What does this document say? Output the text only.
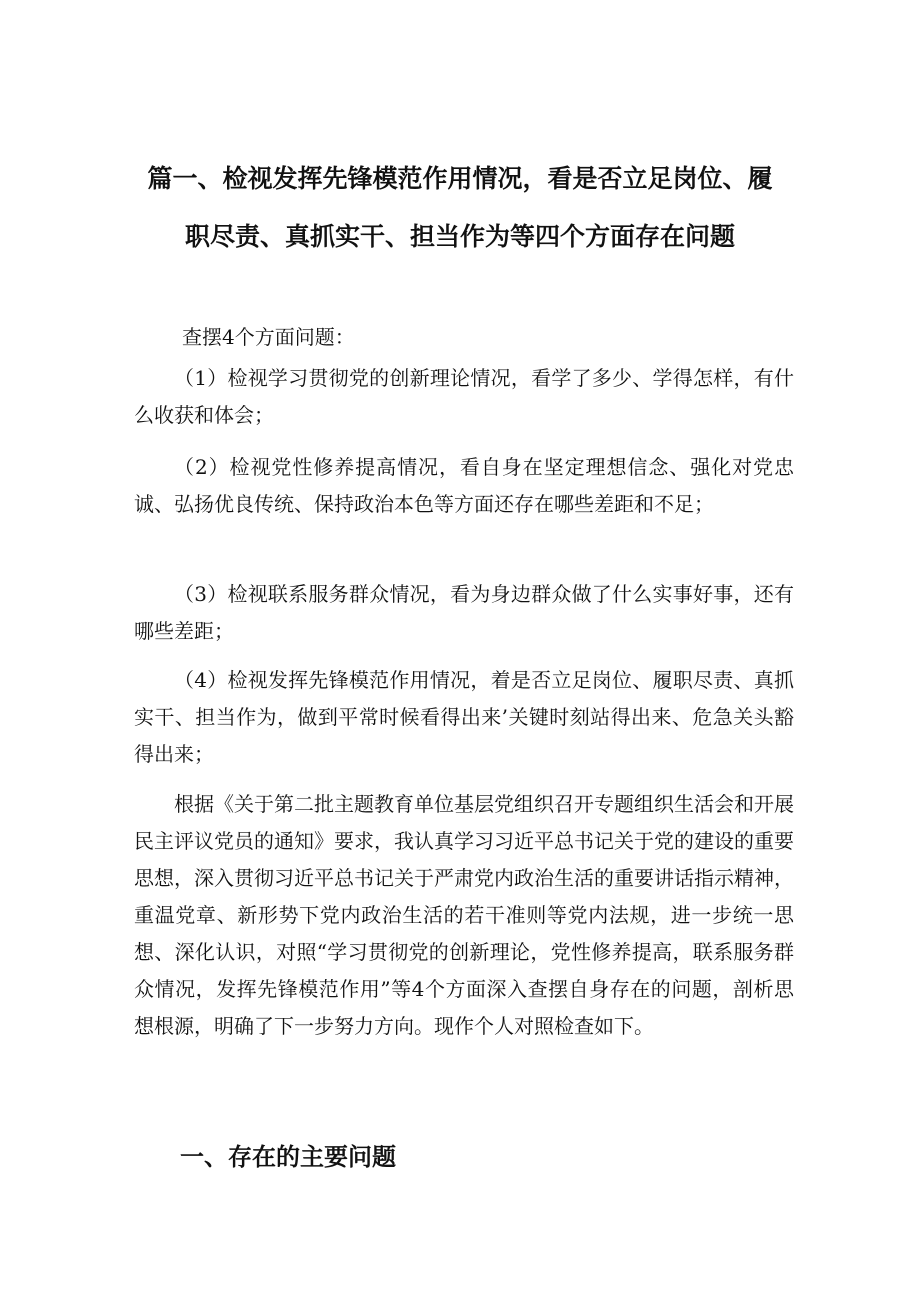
篇一、检视发挥先锋模范作用情况，看是否立足岗位、履
职尽责、真抓实干、担当作为等四个方面存在问题

查摆4个方面问题：

（1）检视学习贯彻党的创新理论情况，看学了多少、学得怎样，有什么收获和体会；

（2）检视党性修养提高情况，看自身在坚定理想信念、强化对党忠诚、弘扬优良传统、保持政治本色等方面还存在哪些差距和不足；

（3）检视联系服务群众情况，看为身边群众做了什么实事好事，还有哪些差距；

（4）检视发挥先锋模范作用情况，着是否立足岗位、履职尽责、真抓实干、担当作为，做到平常时候看得出来’关键时刻站得出来、危急关头豁得出来；

根据《关于第二批主题教育单位基层党组织召开专题组织生活会和开展民主评议党员的通知》要求，我认真学习习近平总书记关于党的建设的重要思想，深入贯彻习近平总书记关于严肃党内政治生活的重要讲话指示精神，重温党章、新形势下党内政治生活的若干准则等党内法规，进一步统一思想、深化认识，对照“学习贯彻党的创新理论，党性修养提高，联系服务群众情况，发挥先锋模范作用”等4个方面深入查摆自身存在的问题，剖析思想根源，明确了下一步努力方向。现作个人对照检查如下。

一、存在的主要问题
